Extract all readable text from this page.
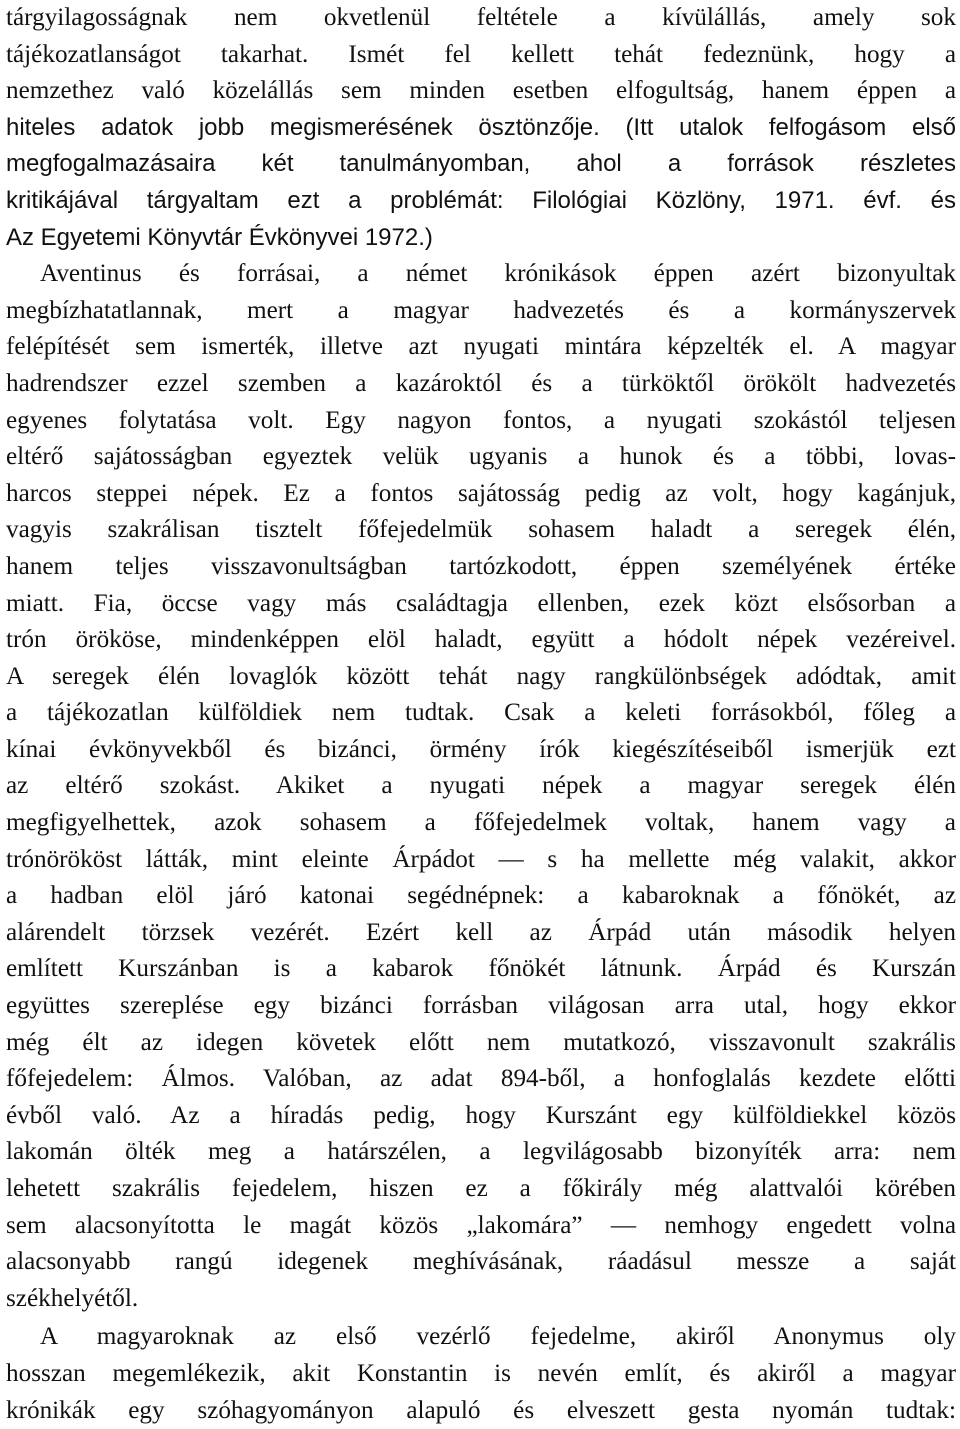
tárgyilagosságnak nem okvetlenül feltétele a kívülállás, amely sok
tájékozatlanságot takarhat. Ismét fel kellett tehát fedeznünk, hogy a
nemzethez való közelállás sem minden esetben elfogultság, hanem éppen a
hiteles adatok jobb megismerésének ösztönzője. (Itt utalok felfogásom első
megfogalmazásaira két tanulmányomban, ahol a források részletes
kritikájával tárgyaltam ezt a problémát: Filológiai Közlöny, 1971. évf. és
Az Egyetemi Könyvtár Évkönyvei 1972.)
Aventinus és forrásai, a német krónikások éppen azért bizonyultak
megbízhatatlannak, mert a magyar hadvezetés és a kormányszervek
felépítését sem ismerték, illetve azt nyugati mintára képzelték el. A magyar
hadrendszer ezzel szemben a kazároktól és a türköktől örökölt hadvezetés
egyenes folytatása volt. Egy nagyon fontos, a nyugati szokástól teljesen
eltérő sajátosságban egyeztek velük ugyanis a hunok és a többi, lovas-
harcos steppei népek. Ez a fontos sajátosság pedig az volt, hogy kagánjuk,
vagyis szakrálisan tisztelt főfejedelmük sohasem haladt a seregek élén,
hanem teljes visszavonultságban tartózkodott, éppen személyének értéke
miatt. Fia, öccse vagy más családtagja ellenben, ezek közt elsősorban a
trón örököse, mindenképpen elöl haladt, együtt a hódolt népek vezéreivel.
A seregek élén lovaglók között tehát nagy rangkülönbségek adódtak, amit
a tájékozatlan külföldiek nem tudtak. Csak a keleti forrásokból, főleg a
kínai évkönyvekből és bizánci, örmény írók kiegészítéseiből ismerjük ezt
az eltérő szokást. Akiket a nyugati népek a magyar seregek élén
megfigyelhettek, azok sohasem a főfejedelmek voltak, hanem vagy a
trónörököst látták, mint eleinte Árpádot — s ha mellette még valakit, akkor
a hadban elöl járó katonai segédnépnek: a kabaroknak a főnökét, az
alárendelt törzsek vezérét. Ezért kell az Árpád után második helyen
említett Kurszánban is a kabarok főnökét látnunk. Árpád és Kurszán
együttes szereplése egy bizánci forrásban világosan arra utal, hogy ekkor
még élt az idegen követek előtt nem mutatkozó, visszavonult szakrális
főfejedelem: Álmos. Valóban, az adat 894-ből, a honfoglalás kezdete előtti
évből való. Az a híradás pedig, hogy Kurszánt egy külföldiekkel közös
lakomán ölték meg a határszélen, a legvilágosabb bizonyíték arra: nem
lehetett szakrális fejedelem, hiszen ez a főkirály még alattvalói körében
sem alacsonyította le magát közös „lakomára” — nemhogy engedett volna
alacsonyabb rangú idegenek meghívásának, ráadásul messze a saját
székhelyétől.
A magyaroknak az első vezérlő fejedelme, akiről Anonymus oly
hosszan megemlékezik, akit Konstantin is nevén említ, és akiről a magyar
krónikák egy szóhagyományon alapuló és elveszett gesta nyomán tudtak:
